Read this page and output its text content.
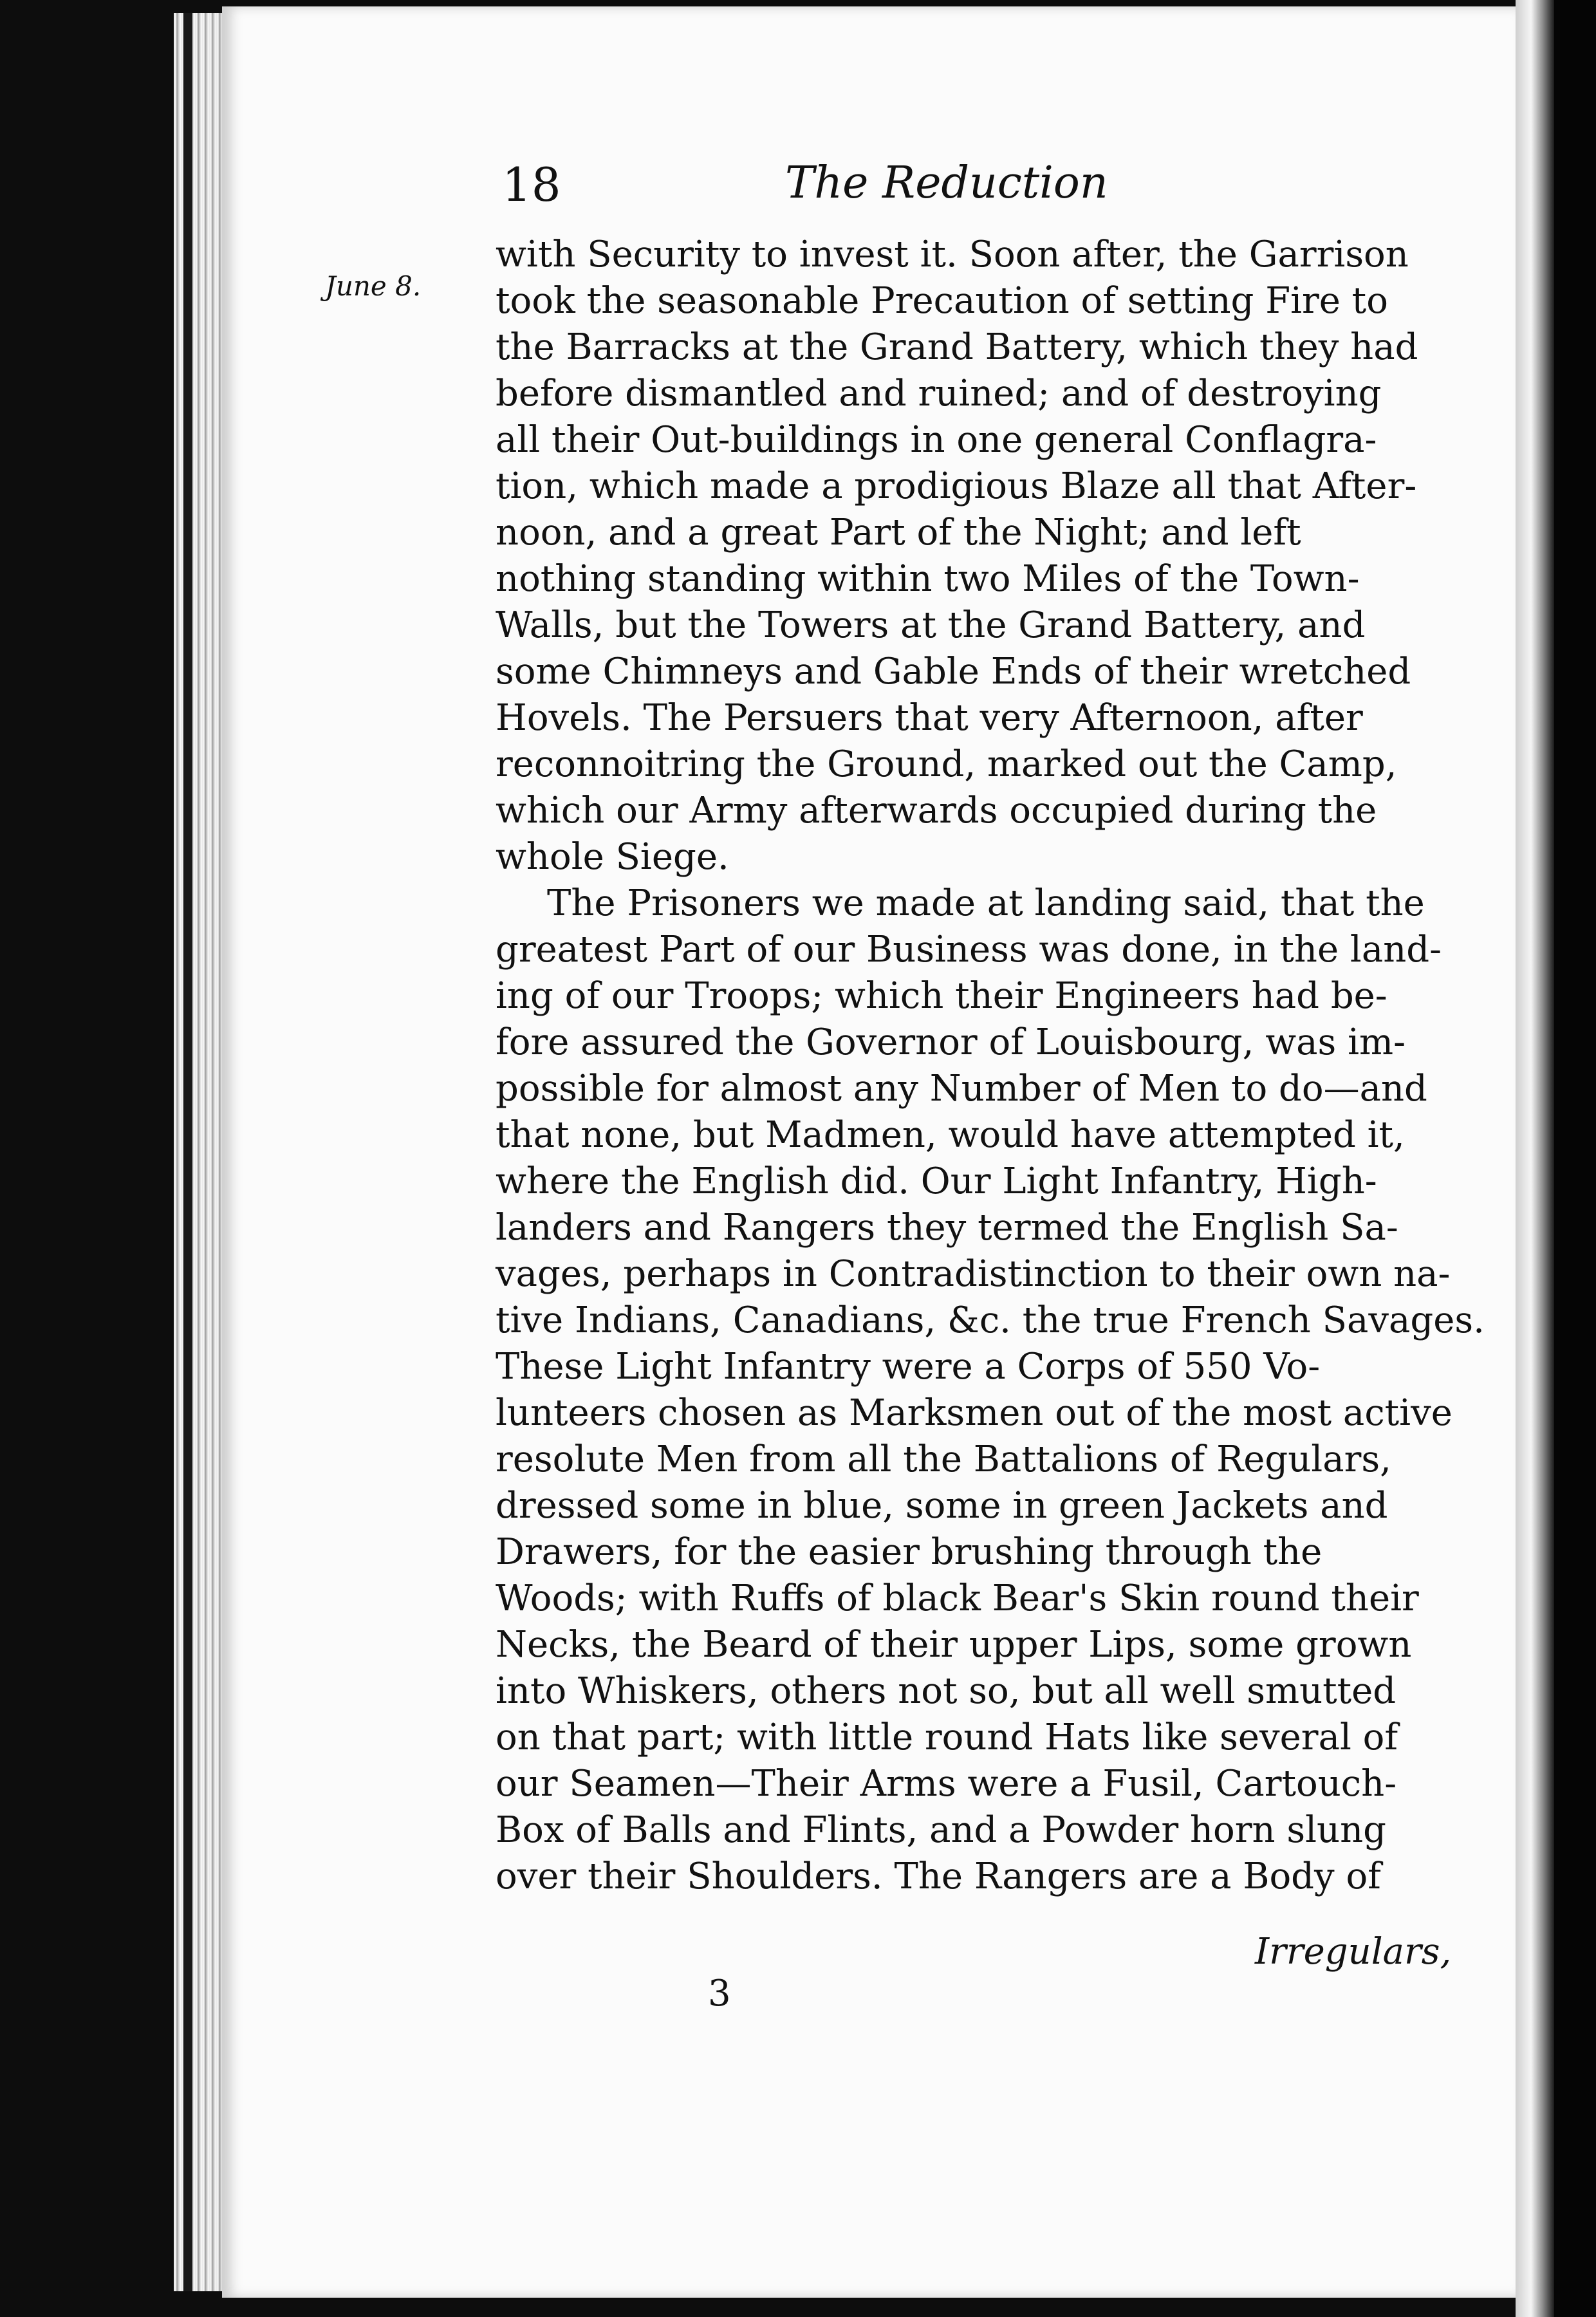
18	The Reduction
June 8.
with Security to invest it. Soon after, the Garrison
took the seasonable Precaution of setting Fire to
the Barracks at the Grand Battery, which they had
before dismantled and ruined; and of destroying
all their Out-buildings in one general Conflagra-
tion, which made a prodigious Blaze all that After-
noon, and a great Part of the Night; and left
nothing standing within two Miles of the Town-
Walls, but the Towers at the Grand Battery, and
some Chimneys and Gable Ends of their wretched
Hovels. The Persuers that very Afternoon, after
reconnoitring the Ground, marked out the Camp,
which our Army afterwards occupied during the
whole Siege.
The Prisoners we made at landing said, that the
greatest Part of our Business was done, in the land-
ing of our Troops; which their Engineers had be-
fore assured the Governor of Louisbourg, was im-
possible for almost any Number of Men to do—and
that none, but Madmen, would have attempted it,
where the English did. Our Light Infantry, High-
landers and Rangers they termed the English Sa-
vages, perhaps in Contradistinction to their own na-
tive Indians, Canadians, &c. the true French Savages.
These Light Infantry were a Corps of 550 Vo-
lunteers chosen as Marksmen out of the most active
resolute Men from all the Battalions of Regulars,
dressed some in blue, some in green Jackets and
Drawers, for the easier brushing through the
Woods; with Ruffs of black Bear's Skin round their
Necks, the Beard of their upper Lips, some grown
into Whiskers, others not so, but all well smutted
on that part; with little round Hats like several of
our Seamen—Their Arms were a Fusil, Cartouch-
Box of Balls and Flints, and a Powder horn slung
over their Shoulders. The Rangers are a Body of
Irregulars,
3
